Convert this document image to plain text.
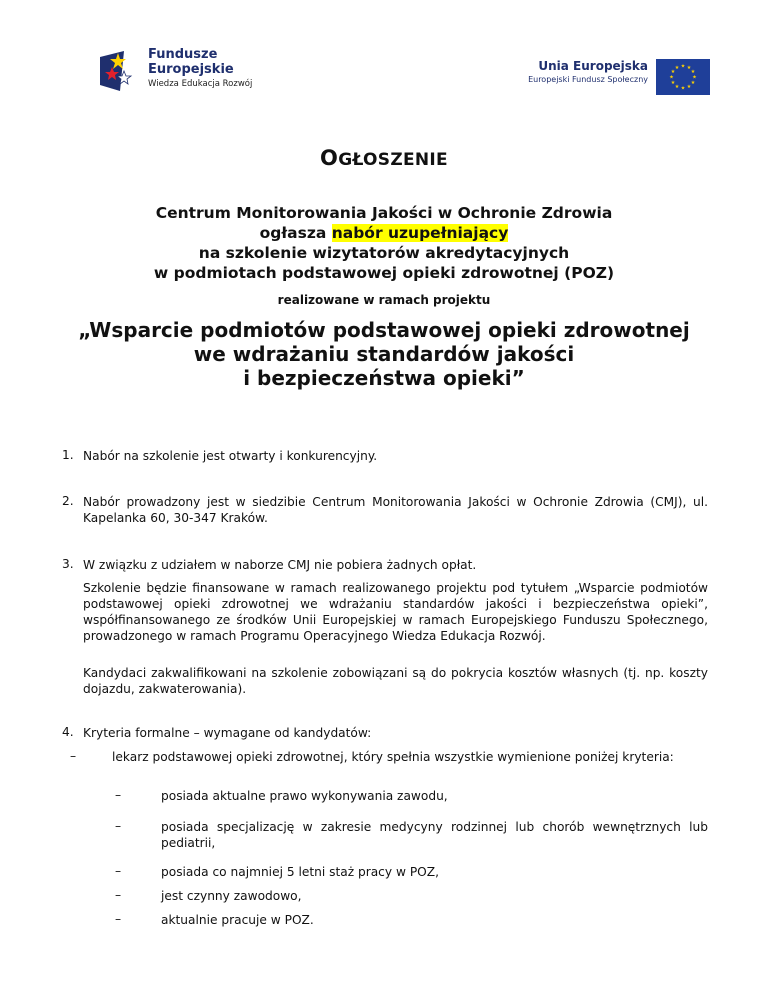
Fundusze
Europejskie
Wiedza Edukacja Rozwój
Unia Europejska
Europejski Fundusz Społeczny
★ ★
★
★
★
★
★
★
★
★
★
★
OGŁOSZENIE
Centrum Monitorowania Jakości w Ochronie Zdrowia
ogłasza nabór uzupełniający
na szkolenie wizytatorów akredytacyjnych
w podmiotach podstawowej opieki zdrowotnej (POZ)
realizowane w ramach projektu
„Wsparcie podmiotów podstawowej opieki zdrowotnej
we wdrażaniu standardów jakości
i bezpieczeństwa opieki”
1. Nabór na szkolenie jest otwarty i konkurencyjny.
2. Nabór prowadzony jest w siedzibie Centrum Monitorowania Jakości w Ochronie Zdrowia (CMJ), ul. Kapelanka 60, 30-347 Kraków.
3. W związku z udziałem w naborze CMJ nie pobiera żadnych opłat.
Szkolenie będzie finansowane w ramach realizowanego projektu pod tytułem „Wsparcie podmiotów podstawowej opieki zdrowotnej we wdrażaniu standardów jakości i bezpieczeństwa opieki”, współfinansowanego ze środków Unii Europejskiej w ramach Europejskiego Funduszu Społecznego, prowadzonego w ramach Programu Operacyjnego Wiedza Edukacja Rozwój.
Kandydaci zakwalifikowani na szkolenie zobowiązani są do pokrycia kosztów własnych (tj. np. koszty dojazdu, zakwaterowania).
4. Kryteria formalne – wymagane od kandydatów:
–	lekarz podstawowej opieki zdrowotnej, który spełnia wszystkie wymienione poniżej kryteria:
–	posiada aktualne prawo wykonywania zawodu,
–	posiada specjalizację w zakresie medycyny rodzinnej lub chorób wewnętrznych lub pediatrii,
–	posiada co najmniej 5 letni staż pracy w POZ,
–	jest czynny zawodowo,
–	aktualnie pracuje w POZ.
